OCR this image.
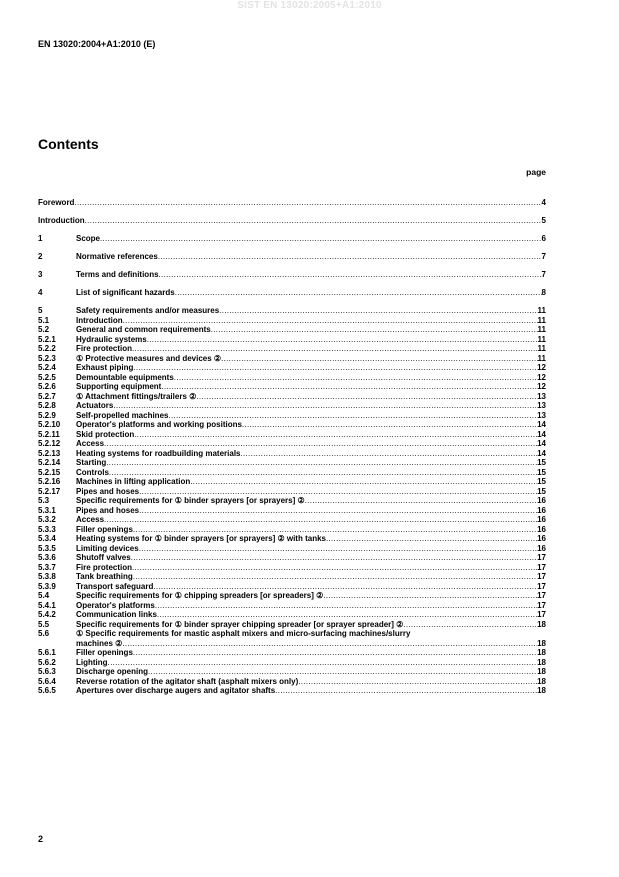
SIST EN 13020:2005+A1:2010
EN 13020:2004+A1:2010 (E)
Contents
page
Foreword .....	4
Introduction .....	5
1	Scope .....	6
2	Normative references .....	7
3	Terms and definitions .....	7
4	List of significant hazards .....	8
5	Safety requirements and/or measures .....	11
5.1	Introduction .....	11
5.2	General and common requirements .....	11
5.2.1	Hydraulic systems .....	11
5.2.2	Fire protection .....	11
5.2.3	① Protective measures and devices ② .....	11
5.2.4	Exhaust piping .....	12
5.2.5	Demountable equipments .....	12
5.2.6	Supporting equipment .....	12
5.2.7	① Attachment fittings/trailers ② .....	13
5.2.8	Actuators .....	13
5.2.9	Self-propelled machines .....	13
5.2.10	Operator's platforms and working positions .....	14
5.2.11	Skid protection .....	14
5.2.12	Access .....	14
5.2.13	Heating systems for roadbuilding materials .....	14
5.2.14	Starting .....	15
5.2.15	Controls .....	15
5.2.16	Machines in lifting application .....	15
5.2.17	Pipes and hoses .....	15
5.3	Specific requirements for ① binder sprayers [or sprayers] ② .....	16
5.3.1	Pipes and hoses .....	16
5.3.2	Access .....	16
5.3.3	Filler openings .....	16
5.3.4	Heating systems for ① binder sprayers [or sprayers] ② with tanks .....	16
5.3.5	Limiting devices .....	16
5.3.6	Shutoff valves .....	17
5.3.7	Fire protection .....	17
5.3.8	Tank breathing .....	17
5.3.9	Transport safeguard .....	17
5.4	Specific requirements for ① chipping spreaders [or spreaders] ② .....	17
5.4.1	Operator's platforms .....	17
5.4.2	Communication links .....	17
5.5	Specific requirements for ① binder sprayer chipping spreader [or sprayer spreader] ② .....	18
5.6	① Specific requirements for mastic asphalt mixers and micro-surfacing machines/slurry
machines ② .....	18
5.6.1	Filler openings .....	18
5.6.2	Lighting .....	18
5.6.3	Discharge opening .....	18
5.6.4	Reverse rotation of the agitator shaft (asphalt mixers only) .....	18
5.6.5	Apertures over discharge augers and agitator shafts .....	18
2
